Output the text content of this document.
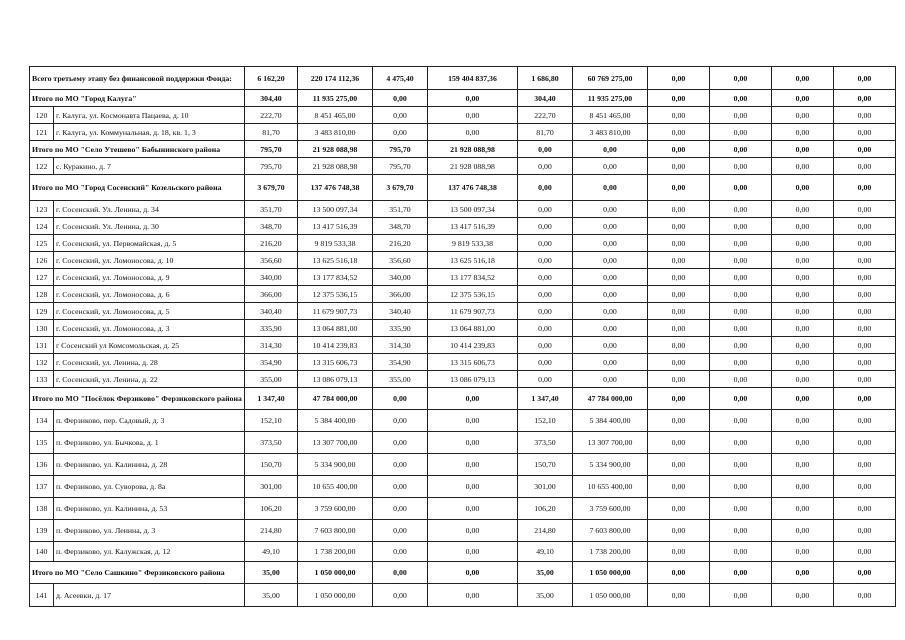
Всего третьему этапу без финансовой поддержки Фонда:		6 162,20	220 174 112,36	4 475,40	159 404 837,36	1 686,80	60 769 275,00	0,00	0,00	0,00	0,00
Итого по МО "Город Калуга"		304,40	11 935 275,00	0,00	0,00	304,40	11 935 275,00	0,00	0,00	0,00	0,00
120	г. Калуга, ул. Космонавта Пацаева, д. 10	222,70	8 451 465,00	0,00	0,00	222,70	8 451 465,00	0,00	0,00	0,00	0,00
121	г. Калуга, ул. Коммунальная, д. 18, кв. 1, 3	81,70	3 483 810,00	0,00	0,00	81,70	3 483 810,00	0,00	0,00	0,00	0,00
Итого по МО "Село Утешево" Бабынинского района		795,70	21 928 088,98	795,70	21 928 088,98	0,00	0,00	0,00	0,00	0,00	0,00
122	с. Куракино, д. 7	795,70	21 928 088,98	795,70	21 928 088,98	0,00	0,00	0,00	0,00	0,00	0,00
Итого по МО "Город Сосенский" Козельского района		3 679,70	137 476 748,38	3 679,70	137 476 748,38	0,00	0,00	0,00	0,00	0,00	0,00
123	г. Сосенский. Ул. Ленина, д. 34	351,70	13 500 097,34	351,70	13 500 097,34	0,00	0,00	0,00	0,00	0,00	0,00
124	г. Сосенский. Ул. Ленина, д. 30	348,70	13 417 516,39	348,70	13 417 516,39	0,00	0,00	0,00	0,00	0,00	0,00
125	г. Сосенский, ул. Первомайская, д. 5	216,20	9 819 533,38	216,20	9 819 533,38	0,00	0,00	0,00	0,00	0,00	0,00
126	г. Сосенский, ул. Ломоносова, д. 10	356,60	13 625 516,18	356,60	13 625 516,18	0,00	0,00	0,00	0,00	0,00	0,00
127	г. Сосенский, ул. Ломоносова, д. 9	340,00	13 177 834,52	340,00	13 177 834,52	0,00	0,00	0,00	0,00	0,00	0,00
128	г. Сосенский, ул. Ломоносова, д. 6	366,00	12 375 536,15	366,00	12 375 536,15	0,00	0,00	0,00	0,00	0,00	0,00
129	г. Сосенский, ул. Ломоносова, д. 5	340,40	11 679 907,73	340,40	11 679 907,73	0,00	0,00	0,00	0,00	0,00	0,00
130	г. Сосенский, ул. Ломоносова, д. 3	335,90	13 064 881,00	335,90	13 064 881,00	0,00	0,00	0,00	0,00	0,00	0,00
131	г Сосенский ул Комсомольская, д. 25	314,30	10 414 239,83	314,30	10 414 239,83	0,00	0,00	0,00	0,00	0,00	0,00
132	г. Сосенский, ул. Ленина, д. 28	354,90	13 315 606,73	354,90	13 315 606,73	0,00	0,00	0,00	0,00	0,00	0,00
133	г. Сосенский, ул. Ленина, д. 22	355,00	13 086 079,13	355,00	13 086 079,13	0,00	0,00	0,00	0,00	0,00	0,00
Итого по МО "Посёлок Ферзиково" Ферзиковского района		1 347,40	47 784 000,00	0,00	0,00	1 347,40	47 784 000,00	0,00	0,00	0,00	0,00
134	п. Ферзиково, пер. Садовый, д. 3	152,10	5 384 400,00	0,00	0,00	152,10	5 384 400,00	0,00	0,00	0,00	0,00
135	п. Ферзиково, ул. Бычкова, д. 1	373,50	13 307 700,00	0,00	0,00	373,50	13 307 700,00	0,00	0,00	0,00	0,00
136	п. Ферзиково, ул. Калинина, д. 28	150,70	5 334 900,00	0,00	0,00	150,70	5 334 900,00	0,00	0,00	0,00	0,00
137	п. Ферзиково, ул. Суворова, д. 8а	301,00	10 655 400,00	0,00	0,00	301,00	10 655 400,00	0,00	0,00	0,00	0,00
138	п. Ферзиково, ул. Калинина, д. 53	106,20	3 759 600,00	0,00	0,00	106,20	3 759 600,00	0,00	0,00	0,00	0,00
139	п. Ферзиково, ул. Ленина, д. 3	214,80	7 603 800,00	0,00	0,00	214,80	7 603 800,00	0,00	0,00	0,00	0,00
140	п. Ферзиково, ул. Калужская, д. 12	49,10	1 738 200,00	0,00	0,00	49,10	1 738 200,00	0,00	0,00	0,00	0,00
Итого по МО "Село Сашкино" Ферзиковского района		35,00	1 050 000,00	0,00	0,00	35,00	1 050 000,00	0,00	0,00	0,00	0,00
141	д. Асеевки, д. 17	35,00	1 050 000,00	0,00	0,00	35,00	1 050 000,00	0,00	0,00	0,00	0,00
